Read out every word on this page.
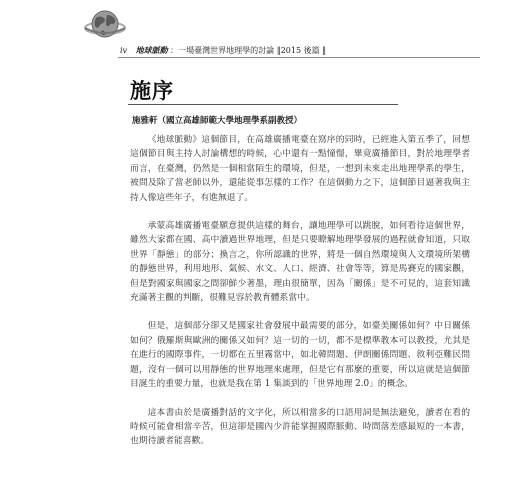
iv 地球脈動 ：一場臺灣世界地理學的討論 ‖2015 後篇 ‖
施序
施雅軒（國立高雄師範大學地理學系副教授）

《地球脈動》這個節目，在高雄廣播電臺在寫序的同時，已經進入第五季了，回想這個節目與主持人討論構想的時候，心中還有一點憧憬，畢竟廣播節目，對於地理學者而言，在臺灣，仍然是一個相當陌生的環境，但是，一想到未來走出地理學系的學生，被問及除了當老師以外，還能從事怎樣的工作？在這個動力之下，這個節目逼著我與主持人像這些年子，有進無退了。

承蒙高雄廣播電臺願意提供這樣的舞台，讓地理學可以跳脫，如何看待這個世界，雖然大家都在國、高中讀過世界地理，但是只要瞭解地理學發展的過程就會知道，只取世界「靜態」的部分；換言之，你所認識的世界，將是一個自然環境與人文環境所架構的靜態世界，利用地形、氣候、水文、人口、經濟、社會等等，算是馬賽克的國家觀，但是對國家與國家之間卻鮮少著墨，理由很簡單，因為「關係」是不可見的，這套知識充滿著主觀的判斷，很難見容於教育體系當中。

但是，這個部分卻又是國家社會發展中最需要的部分，如臺美關係如何？中日關係如何？俄羅斯與歐洲的關係又如何？這一切的一切，都不是標準教本可以教授，尤其是在進行的國際事件，一切都在五里霧當中，如北韓問題、伊朗關係問題、敘利亞難民問題，沒有一個可以用靜態的世界地理來處理，但是它有那麼的重要，所以這就是這個節目誕生的重要力量，也就是我在第 1 集談到的「世界地理 2.0」的概念。

這本書由於是廣播對話的文字化，所以相當多的口語用詞是無法避免，讀者在看的時候可能會相當辛苦，但這卻是國內少許能掌握國際脈動、時間落差感最短的一本書，也期待讀者能喜歡。
